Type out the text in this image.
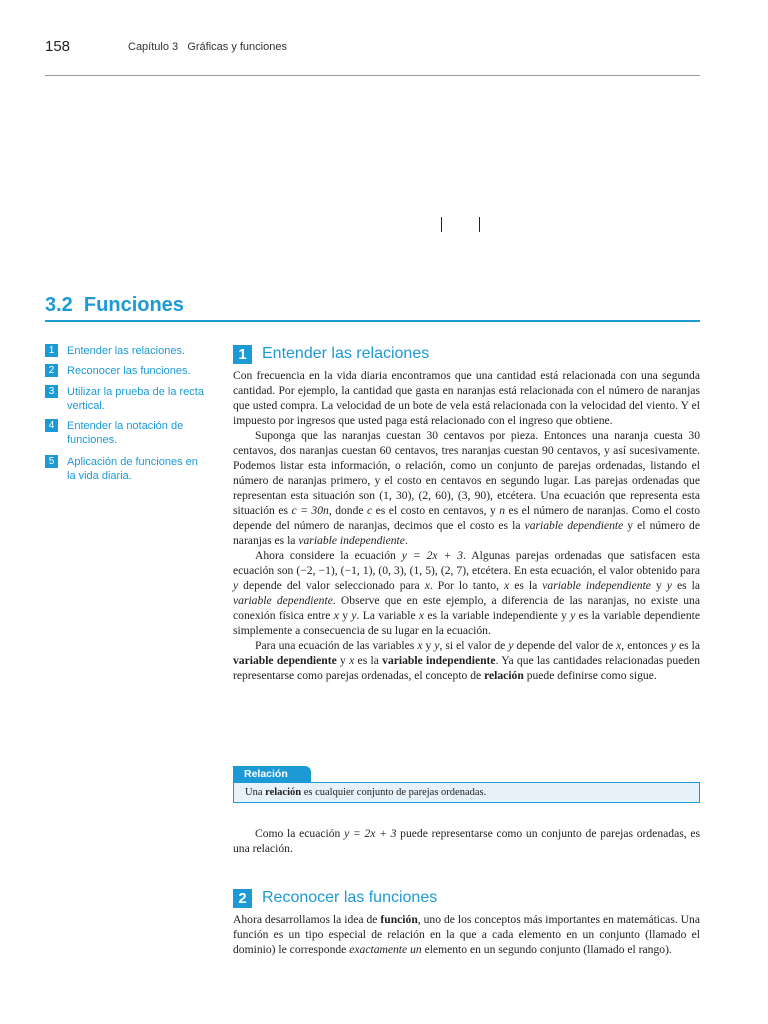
158	Capítulo 3   Gráficas y funciones
3.2  Funciones
1	Entender las relaciones.
2	Reconocer las funciones.
3	Utilizar la prueba de la recta vertical.
4	Entender la notación de funciones.
5	Aplicación de funciones en la vida diaria.
1 Entender las relaciones

Con frecuencia en la vida diaria encontramos que una cantidad está relacionada con una segunda cantidad. Por ejemplo, la cantidad que gasta en naranjas está relacionada con el número de naranjas que usted compra. La velocidad de un bote de vela está relacionada con la velocidad del viento. Y el impuesto por ingresos que usted paga está relacionado con el ingreso que obtiene.

Suponga que las naranjas cuestan 30 centavos por pieza. Entonces una naranja cuesta 30 centavos, dos naranjas cuestan 60 centavos, tres naranjas cuestan 90 centavos, y así sucesivamente. Podemos listar esta información, o relación, como un conjunto de parejas ordenadas, listando el número de naranjas primero, y el costo en centavos en segundo lugar. Las parejas ordenadas que representan esta situación son (1, 30), (2, 60), (3, 90), etcétera. Una ecuación que representa esta situación es c = 30n, donde c es el costo en centavos, y n es el número de naranjas. Como el costo depende del número de naranjas, decimos que el costo es la variable dependiente y el número de naranjas es la variable independiente.

Ahora considere la ecuación y = 2x + 3. Algunas parejas ordenadas que satisfacen esta ecuación son (−2, −1), (−1, 1), (0, 3), (1, 5), (2, 7), etcétera. En esta ecuación, el valor obtenido para y depende del valor seleccionado para x. Por lo tanto, x es la variable independiente y y es la variable dependiente. Observe que en este ejemplo, a diferencia de las naranjas, no existe una conexión física entre x y y. La variable x es la variable independiente y y es la variable dependiente simplemente a consecuencia de su lugar en la ecuación.

Para una ecuación de las variables x y y, si el valor de y depende del valor de x, entonces y es la variable dependiente y x es la variable independiente. Ya que las cantidades relacionadas pueden representarse como parejas ordenadas, el concepto de relación puede definirse como sigue.

Relación
Una relación es cualquier conjunto de parejas ordenadas.

Como la ecuación y = 2x + 3 puede representarse como un conjunto de parejas ordenadas, es una relación.

2 Reconocer las funciones

Ahora desarrollamos la idea de función, uno de los conceptos más importantes en matemáticas. Una función es un tipo especial de relación en la que a cada elemento en un conjunto (llamado el dominio) le corresponde exactamente un elemento en un segundo conjunto (llamado el rango).
